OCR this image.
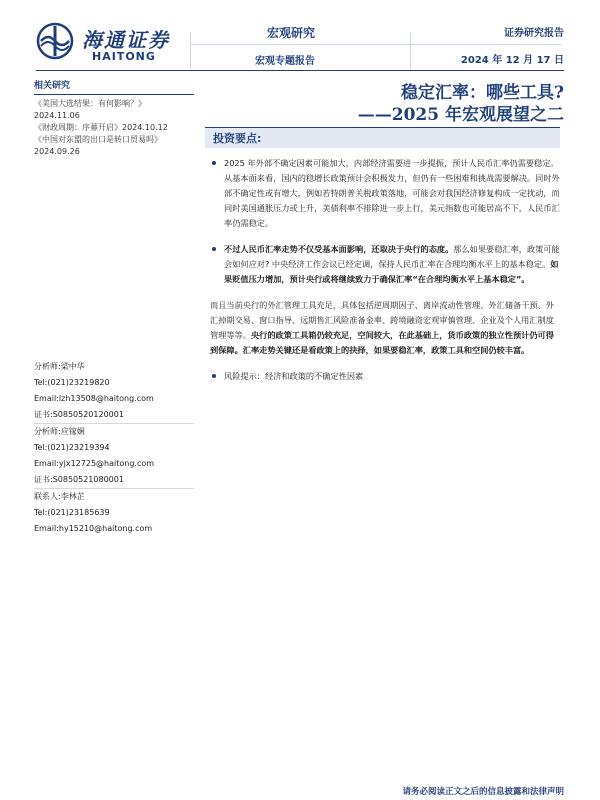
海通证券
HAITONG
宏观研究
宏观专题报告
证券研究报告
2024 年 12 月 17 日
稳定汇率：哪些工具?
——2025 年宏观展望之二
相关研究
《美国大选结果：有何影响？》
2024.11.06
《财政周期：序幕开启》2024.10.12
《中国对东盟的出口是转口贸易吗》
2024.09.26
分析师:梁中华
Tel:(021)23219820
Email:lzh13508@haitong.com
证书:S0850520120001
分析师:应镓娴
Tel:(021)23219394
Email:yjx12725@haitong.com
证书:S0850521080001
联系人:李林芷
Tel:(021)23185639
Email:hy15210@haitong.com
投资要点:
2025 年外部不确定因素可能加大，内部经济需要进一步提振，预计人民币汇率仍需要稳定。从基本面来看，国内的稳增长政策预计会积极发力，但仍有一些困难和挑战需要解决。同时外部不确定性或有增大，例如若特朗普关税政策落地，可能会对我国经济修复构成一定扰动，而同时美国通胀压力或上升，美债利率不排除进一步上行，美元指数也可能居高不下，人民币汇率仍需稳定。
不过人民币汇率走势不仅受基本面影响，还取决于央行的态度。那么如果要稳汇率，政策可能会如何应对? 中央经济工作会议已经定调，保持人民币汇率在合理均衡水平上的基本稳定。如果贬值压力增加，预计央行或将继续致力于确保汇率“在合理均衡水平上基本稳定”。
而且当前央行的外汇管理工具充足，具体包括逆周期因子、离岸流动性管理、外汇储备干预、外汇掉期交易、窗口指导、远期售汇风险准备金率、跨境融资宏观审慎管理、企业及个人用汇制度管理等等。央行的政策工具箱仍较充足，空间较大，在此基础上，货币政策的独立性预计仍可得到保障。汇率走势关键还是看政策上的抉择，如果要稳汇率，政策工具和空间仍较丰富。
风险提示：经济和政策的不确定性因素
请务必阅读正文之后的信息披露和法律声明
